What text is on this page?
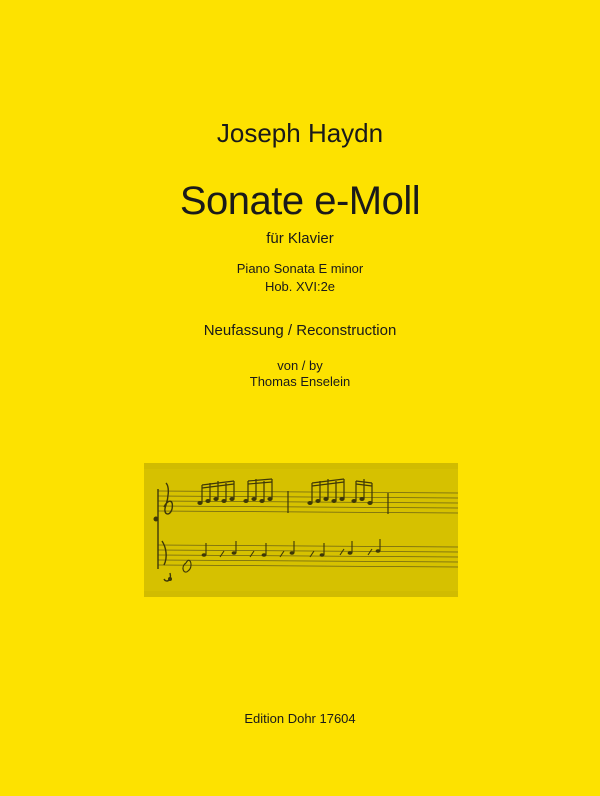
Joseph Haydn
Sonate e-Moll
für Klavier
Piano Sonata E minor
Hob. XVI:2e
Neufassung / Reconstruction
von / by
Thomas Enselein
Edition Dohr 17604
